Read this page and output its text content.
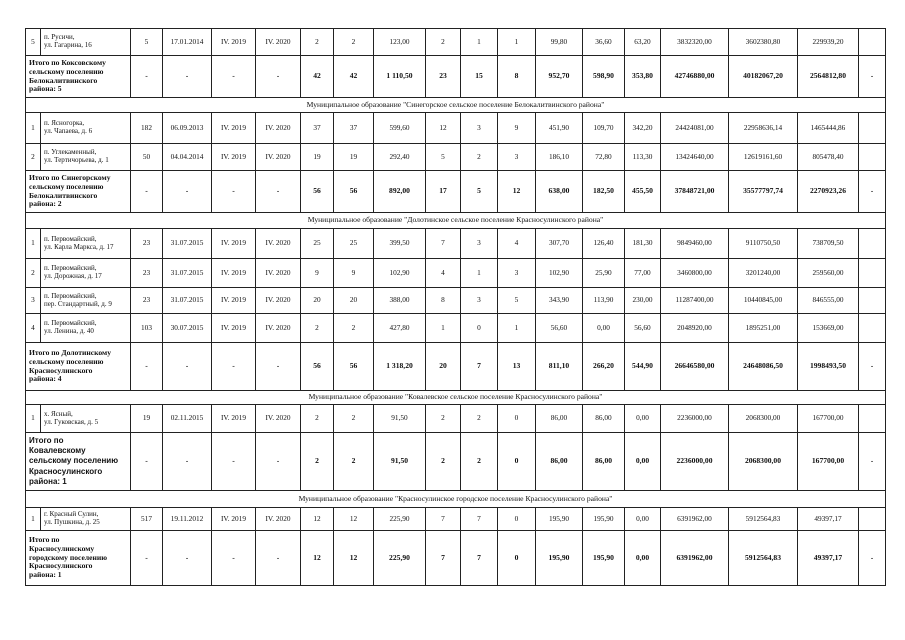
5	п. Русичи,
ул. Гагарина, 16	5	17.01.2014	IV. 2019	IV. 2020	2	2	123,00	2	1	1	99,80	36,60	63,20	3832320,00	3602380,80	229939,20	
Итого по Коксовскому
сельскому поселению
Белокалитвинского
района: 5		-	-	-	-	42	42	1 110,50	23	15	8	952,70	598,90	353,80	42746880,00	40182067,20	2564812,80	-
Муниципальное образование "Синегорское сельское поселение Белокалитвинского района"																		
1	п. Ясногорка,
ул. Чапаева, д. 6	182	06.09.2013	IV. 2019	IV. 2020	37	37	599,60	12	3	9	451,90	109,70	342,20	24424081,00	22958636,14	1465444,86	
2	п. Углекаменный,
ул. Тертичорьева, д. 1	50	04.04.2014	IV. 2019	IV. 2020	19	19	292,40	5	2	3	186,10	72,80	113,30	13424640,00	12619161,60	805478,40	
Итого по Синегорскому
сельскому поселению
Белокалитвинского
района: 2		-	-	-	-	56	56	892,00	17	5	12	638,00	182,50	455,50	37848721,00	35577797,74	2270923,26	-
Муниципальное образование "Долотинское сельское поселение Красносулинского района"																		
1	п. Первомайский,
ул. Карла Маркса, д. 17	23	31.07.2015	IV. 2019	IV. 2020	25	25	399,50	7	3	4	307,70	126,40	181,30	9849460,00	9110750,50	738709,50	
2	п. Первомайский,
ул. Дорожная, д. 17	23	31.07.2015	IV. 2019	IV. 2020	9	9	102,90	4	1	3	102,90	25,90	77,00	3460800,00	3201240,00	259560,00	
3	п. Первомайский,
пер. Стандартный, д. 9	23	31.07.2015	IV. 2019	IV. 2020	20	20	388,00	8	3	5	343,90	113,90	230,00	11287400,00	10440845,00	846555,00	
4	п. Первомайский,
ул. Ленина, д. 40	103	30.07.2015	IV. 2019	IV. 2020	2	2	427,80	1	0	1	56,60	0,00	56,60	2048920,00	1895251,00	153669,00	
Итого по Долотинскому
сельскому поселению
Красносулинского
района: 4		-	-	-	-	56	56	1 318,20	20	7	13	811,10	266,20	544,90	26646580,00	24648086,50	1998493,50	-
Муниципальное образование "Ковалевское сельское поселение Красносулинского района"																		
1	х. Ясный,
ул. Гуковская, д. 5	19	02.11.2015	IV. 2019	IV. 2020	2	2	91,50	2	2	0	86,00	86,00	0,00	2236000,00	2068300,00	167700,00	
Итого по
Ковалевскому
сельскому поселению
Красносулинского
района: 1		-	-	-	-	2	2	91,50	2	2	0	86,00	86,00	0,00	2236000,00	2068300,00	167700,00	-
Муниципальное образование "Красносулинское городское поселение Красносулинского района"																		
1	г. Красный Сулин,
ул. Пушкина, д. 25	517	19.11.2012	IV. 2019	IV. 2020	12	12	225,90	7	7	0	195,90	195,90	0,00	6391962,00	5912564,83	49397,17	
Итого по
Красносулинскому
городскому поселению
Красносулинского
района: 1		-	-	-	-	12	12	225,90	7	7	0	195,90	195,90	0,00	6391962,00	5912564,83	49397,17	-
